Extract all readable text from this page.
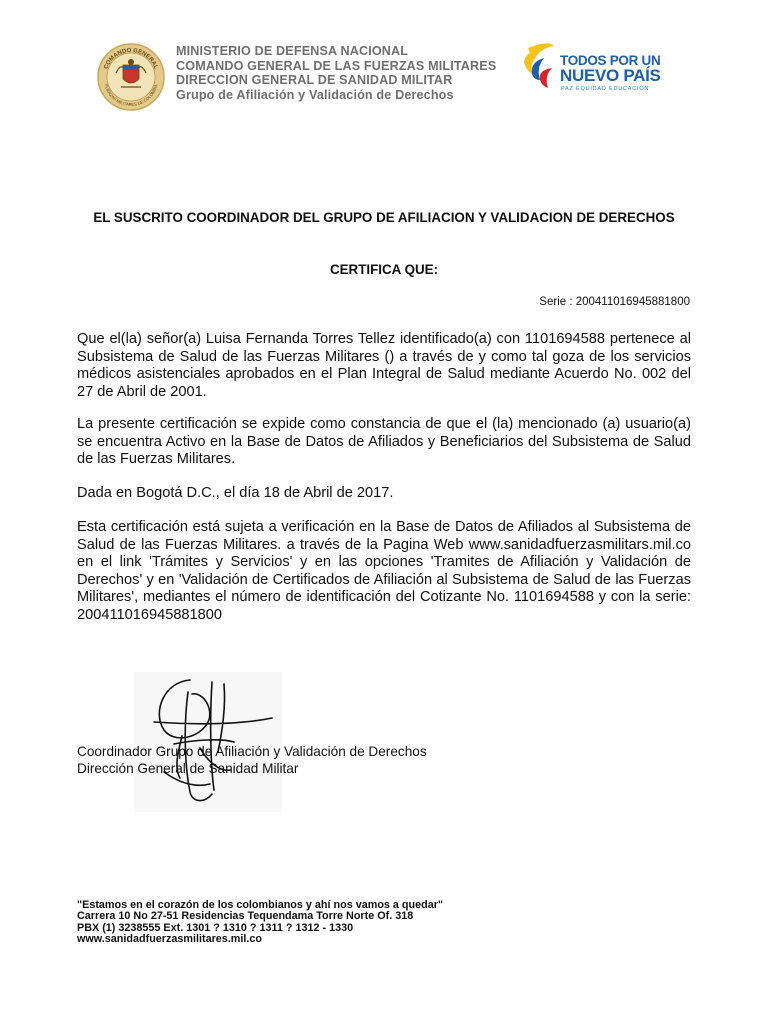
COMANDO GENERAL
FUERZAS MILITARES DE COLOMBIA
MINISTERIO DE DEFENSA NACIONAL
COMANDO GENERAL DE LAS FUERZAS MILITARES
DIRECCION GENERAL DE SANIDAD MILITAR
Grupo de Afiliación y Validación de Derechos
TODOS POR UN
NUEVO PAÍS
PAZ EQUIDAD EDUCACIÓN
EL SUSCRITO COORDINADOR DEL GRUPO DE AFILIACION Y VALIDACION DE DERECHOS
CERTIFICA QUE:
Serie : 200411016945881800
Que el(la) señor(a) Luisa Fernanda Torres Tellez identificado(a) con 1101694588 pertenece al Subsistema de Salud de las Fuerzas Militares () a través de y como tal goza de los servicios médicos asistenciales aprobados en el Plan Integral de Salud mediante Acuerdo No. 002 del 27 de Abril de 2001.
La presente certificación se expide como constancia de que el (la) mencionado (a) usuario(a) se encuentra Activo en la Base de Datos de Afiliados y Beneficiarios del Subsistema de Salud de las Fuerzas Militares.
Dada en Bogotá D.C., el día 18 de Abril de 2017.
Esta certificación está sujeta a verificación en la Base de Datos de Afiliados al Subsistema de Salud de las Fuerzas Militares. a través de la Pagina Web www.sanidadfuerzasmilitars.mil.co en el link 'Trámites y Servicios' y en las opciones 'Tramites de Afiliación y Validación de Derechos' y en 'Validación de Certificados de Afiliación al Subsistema de Salud de las Fuerzas Militares', mediantes el número de identificación del Cotizante No. 1101694588 y con la serie: 200411016945881800
Coordinador Grupo de Afiliación y Validación de Derechos
Dirección General de Sanidad Militar
"Estamos en el corazón de los colombianos y ahí nos vamos a quedar"
Carrera 10 No 27-51 Residencias Tequendama Torre Norte Of. 318
PBX (1) 3238555 Ext. 1301 ? 1310 ? 1311 ? 1312 - 1330
www.sanidadfuerzasmilitares.mil.co
